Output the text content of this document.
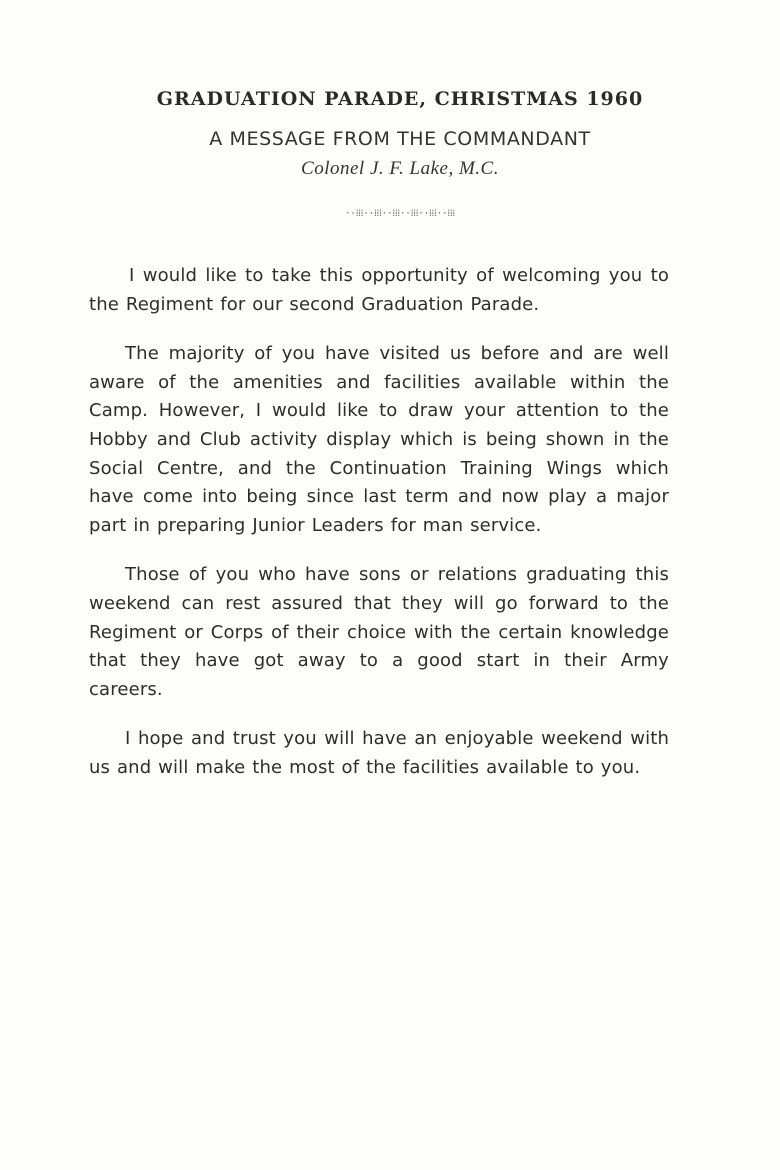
GRADUATION PARADE, CHRISTMAS 1960
A MESSAGE FROM THE COMMANDANT
Colonel J. F. Lake, M.C.
··⁞⁞⁞··⁞⁞⁞··⁞⁞⁞··⁞⁞⁞··⁞⁞⁞··⁞⁞⁞

I would like to take this opportunity of welcoming you to the Regiment for our second Graduation Parade.

The majority of you have visited us before and are well aware of the amenities and facilities available within the Camp. However, I would like to draw your attention to the Hobby and Club activity display which is being shown in the Social Centre, and the Continuation Training Wings which have come into being since last term and now play a major part in preparing Junior Leaders for man service.

Those of you who have sons or relations graduating this weekend can rest assured that they will go forward to the Regiment or Corps of their choice with the certain knowledge that they have got away to a good start in their Army careers.

I hope and trust you will have an enjoyable weekend with us and will make the most of the facilities available to you.
